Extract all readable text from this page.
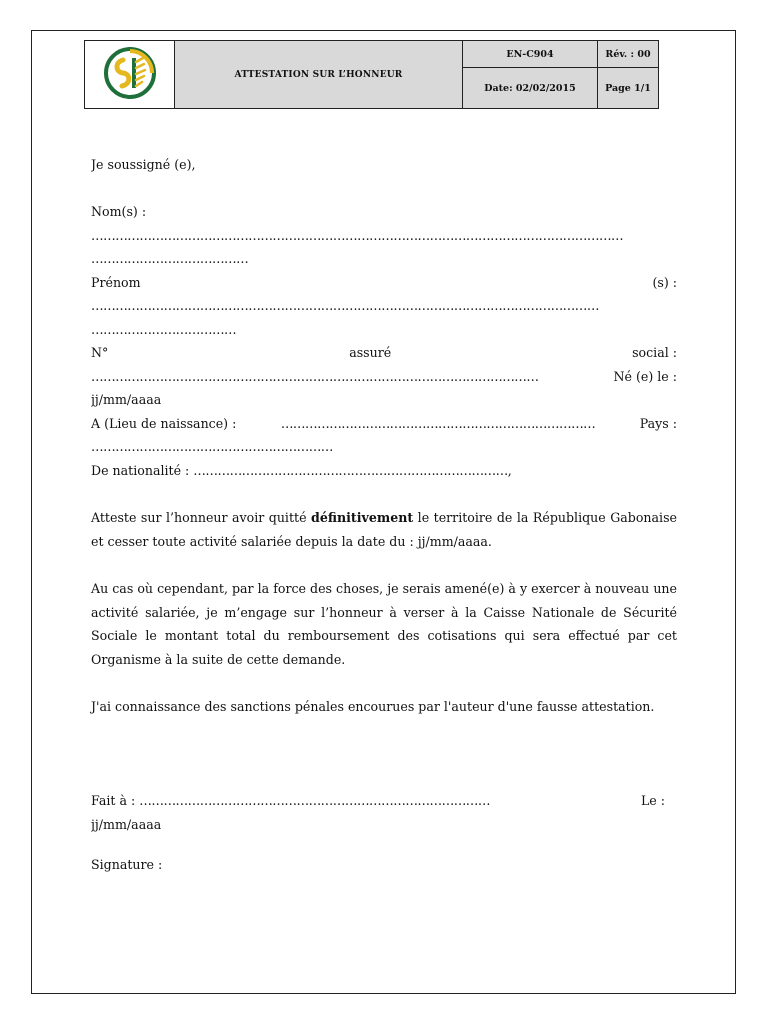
	ATTESTATION SUR L’HONNEUR	EN-C904	Rév. : 00
		Date: 02/02/2015	Page 1/1
Je soussigné (e),
Nom(s) :
……………………………………………………………………………………………………………………
…………………………………
Prénom	(s) :
………………………………………………………………………………………………………………
………………………………
N°	assuré	social :
…………………………………………………………………………………………………	Né (e) le :
jj/mm/aaaa
A (Lieu de naissance) :	……………………………………………………………………	Pays :
……………………………………………………
De nationalité : ……………………………………………………………………,
Atteste sur l’honneur avoir quitté définitivement le territoire de la République Gabonaise et cesser toute activité salariée depuis la date du : jj/mm/aaaa.
Au cas où cependant, par la force des choses, je serais amené(e) à y exercer à nouveau une activité salariée, je m’engage sur l’honneur à verser à la Caisse Nationale de Sécurité Sociale le montant total du remboursement des cotisations qui sera effectué par cet Organisme à la suite de cette demande.
J'ai connaissance des sanctions pénales encourues par l'auteur d'une fausse attestation.
Fait à : ……………………………………………………………………………	Le :
jj/mm/aaaa
Signature :
